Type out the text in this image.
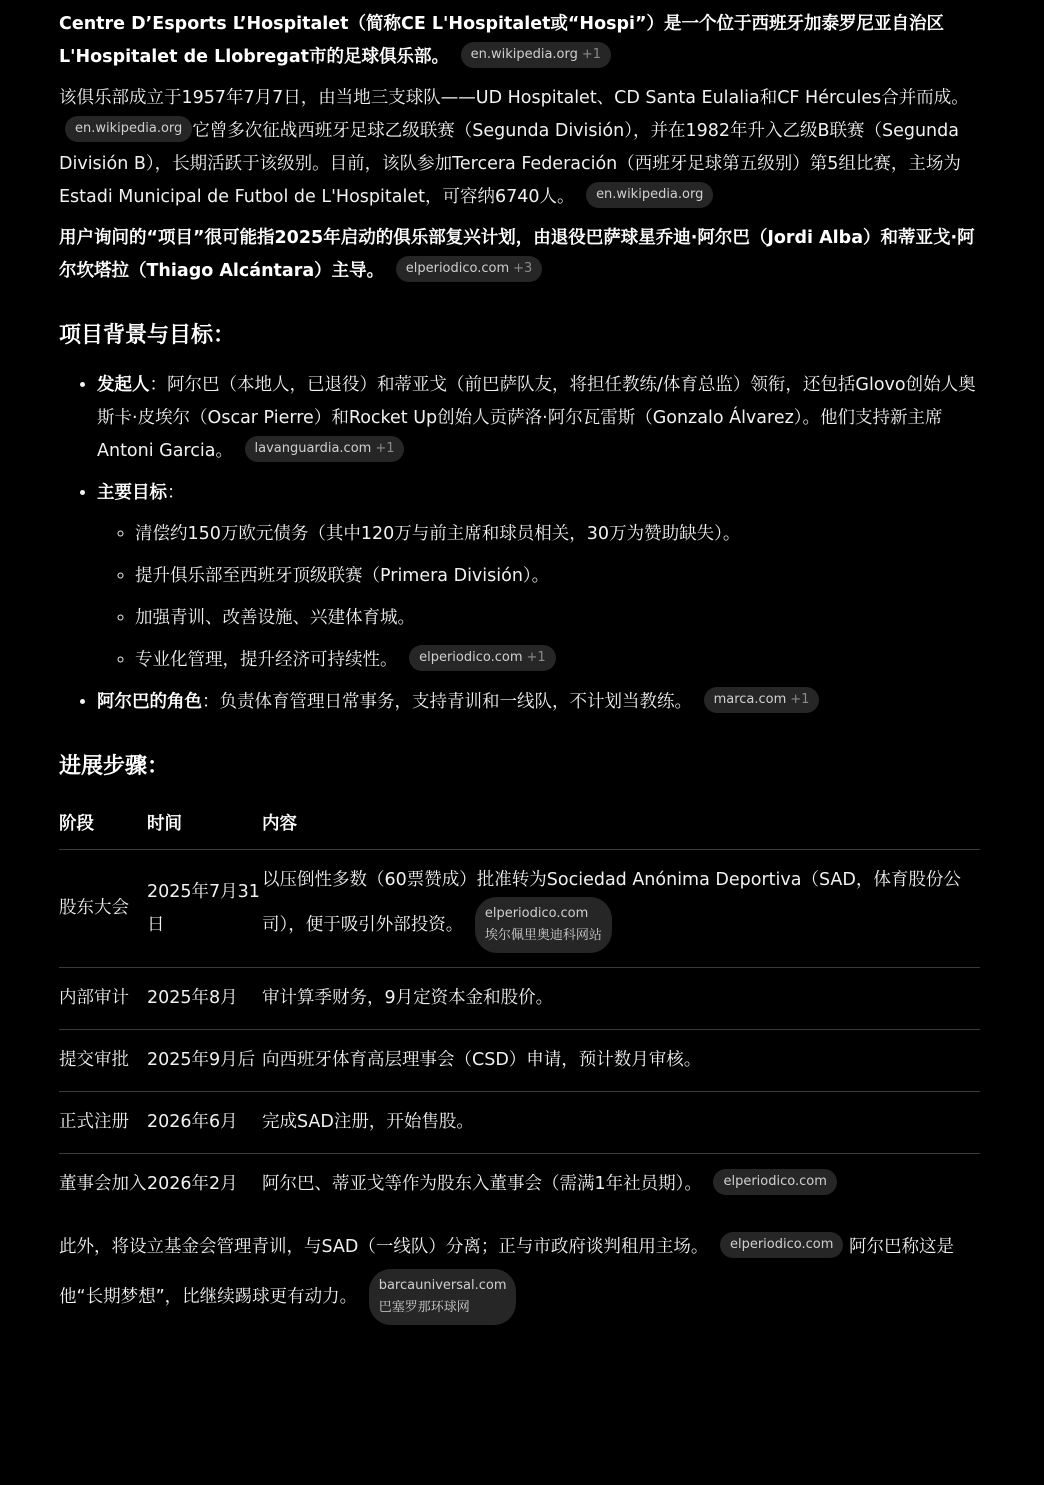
Centre D’Esports L’Hospitalet（简称CE L'Hospitalet或“Hospi”）是一个位于西班牙加泰罗尼亚自治区L'Hospitalet de Llobregat市的足球俱乐部。 en.wikipedia.org +1

该俱乐部成立于1957年7月7日，由当地三支球队——UD Hospitalet、CD Santa Eulalia和CF Hércules合并而成。 en.wikipedia.org 它曾多次征战西班牙足球乙级联赛（Segunda División），并在1982年升入乙级B联赛（Segunda División B），长期活跃于该级别。目前，该队参加Tercera Federación（西班牙足球第五级别）第5组比赛，主场为Estadi Municipal de Futbol de L'Hospitalet，可容纳6740人。 en.wikipedia.org

用户询问的“项目”很可能指2025年启动的俱乐部复兴计划，由退役巴萨球星乔迪·阿尔巴（Jordi Alba）和蒂亚戈·阿尔坎塔拉（Thiago Alcántara）主导。 elperiodico.com +3

项目背景与目标：
• 发起人：阿尔巴（本地人，已退役）和蒂亚戈（前巴萨队友，将担任教练/体育总监）领衔，还包括Glovo创始人奥斯卡·皮埃尔（Oscar Pierre）和Rocket Up创始人贡萨洛·阿尔瓦雷斯（Gonzalo Álvarez）。他们支持新主席Antoni Garcia。 lavanguardia.com +1
• 主要目标：
◦ 清偿约150万欧元债务（其中120万与前主席和球员相关，30万为赞助缺失）。
◦ 提升俱乐部至西班牙顶级联赛（Primera División）。
◦ 加强青训、改善设施、兴建体育城。
◦ 专业化管理，提升经济可持续性。 elperiodico.com +1
• 阿尔巴的角色：负责体育管理日常事务，支持青训和一线队，不计划当教练。 marca.com +1
进展步骤：
阶段	时间	内容
股东大会	2025年7月31日	以压倒性多数（60票赞成）批准转为Sociedad Anónima Deportiva（SAD，体育股份公司），便于吸引外部投资。
elperiodico.com
埃尔佩里奥迪科网站

内部审计	2025年8月	审计算季财务，9月定资本金和股价。
提交审批	2025年9月后	向西班牙体育高层理事会（CSD）申请，预计数月审核。
正式注册	2026年6月	完成SAD注册，开始售股。
董事会加入	2026年2月	阿尔巴、蒂亚戈等作为股东入董事会（需满1年社员期）。 elperiodico.com

此外，将设立基金会管理青训，与SAD（一线队）分离；正与市政府谈判租用主场。 elperiodico.com 阿尔巴称这是他“长期梦想”，比继续踢球更有动力。
barcauniversal.com
巴塞罗那环球网
